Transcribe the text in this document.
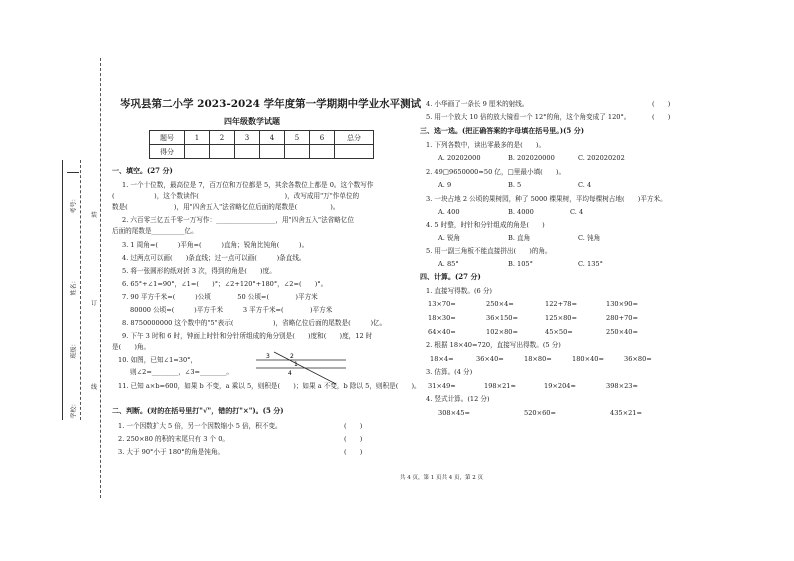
考号：
姓名：
班级：
学校：
装
订
线
岑巩县第二小学 2023-2024 学年度第一学期期中学业水平测试
四年级数学试题
题号	1	2	3	4	5	6	总分
得分							
一、填空。(27 分)
1. 一个十位数，最高位是 7，百万位和万位都是 5，其余各数位上都是 0。这个数写作
(　　　　　　)，这个数读作(　　　　　　　　　　　　　)，改写成用"万"作单位的
数是(　　　　　　　)，用"四舍五入"法省略亿位后面的尾数是(　　　　　)。
2. 六百零三亿五千零一万写作：__________________，用"四舍五入"法省略亿位
后面的尾数是__________亿。
3. 1 周角=(　　　)平角=(　　　)直角；锐角比钝角(　　　)。
4. 过两点可以画(　　)条直线；过一点可以画(　　　)条直线。
5. 将一张圆形的纸对折 3 次，得到的角是(　　)度。
6. 65°+∠1=90°，∠1=(　　)°；∠2+120°+180°，∠2=(　　)°。
7. 90 平方千米=(　　　)公顷　　　　50 公顷=(　　　　)平方米
80000 公顷=(　　　)平方千米　　　3 平方千米=(　　　　)平方米
8. 8750000000 这个数中的"5"表示(　　　　　　)，省略亿位后面的尾数是(　　　)亿。
9. 下午 3 时和 6 时，钟面上时针和分针所组成的角分别是(　　)度和(　　)度，12 时
是(　　)角。
10. 如图，已知∠1=30°，
则∠2=________，∠3=________。
3	2
1
4
11. 已知 a×b=600，如果 b 不变，a 乘以 5，则积是(　　)；如果 a 不变，b 除以 5，则积是(　　)。
二、判断。(对的在括号里打"√"，错的打"×")。(5 分)
1. 一个因数扩大 5 倍，另一个因数缩小 5 倍，积不变。	(　　)
2. 250×80 的积的末尾只有 3 个 0。	(　　)
3. 大于 90°小于 180°的角是钝角。	(　　)
4. 小华画了一条长 9 厘米的射线。	(　　)
5. 用一个放大 10 倍的放大镜看一个 12°的角，这个角变成了 120°。	(　　)
三、选一选。(把正确答案的字母填在括号里。)(5 分)
1. 下列各数中，读出零最多的是(　　)。
A. 20202000	B. 202020000	C. 202020202
2. 49□9650000≈50 亿，□里最小填(　　)。
A. 9	B. 5	C. 4
3. 一块占地 2 公顷的果树园，种了 5000 棵果树，平均每棵树占地(　　)平方米。
A. 400	B. 4000	C. 4
4. 5 时整，时针和分针组成的角是(　　)
A. 锐角	B. 直角	C. 钝角
5. 用一副三角板不能直接拼出(　　)的角。
A. 85°	B. 105°	C. 135°
四、计算。(27 分)
1. 直接写得数。(6 分)
13×70=	250×4=	122+78=	130×90=
18×30=	36×150=	125×80=	280+70=
64×40=	102×80=	45×50=	250×40=
2. 根据 18×40=720，直接写出得数。(5 分)
18×4=	36×40=	18×80=	180×40=	36×80=
3. 估算。(4 分)
31×49≈	198×21≈	19×204≈	398×23≈
4. 竖式计算。(12 分)
308×45=	520×60=	435×21=
共 4 页，第 1 页共 4 页，第 2 页
